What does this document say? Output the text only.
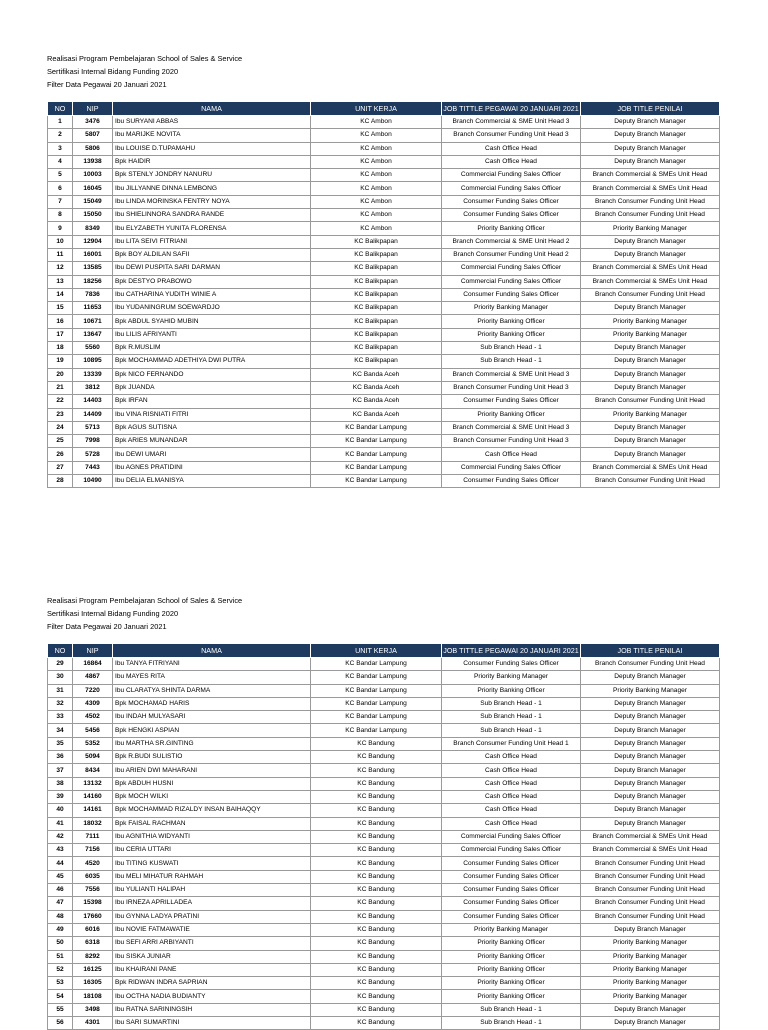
Realisasi Program Pembelajaran School of Sales & Service
Sertifikasi Internal Bidang Funding 2020
Filter Data Pegawai 20 Januari 2021
NO	NIP	NAMA	UNIT KERJA	JOB TITTLE PEGAWAI 20 JANUARI 2021	JOB TITLE PENILAI
1	3476	Ibu SURYANI ABBAS	KC Ambon	Branch Commercial & SME Unit Head 3	Deputy Branch Manager
2	5807	Ibu MARIJKE NOVITA	KC Ambon	Branch Consumer Funding Unit Head 3	Deputy Branch Manager
3	5806	Ibu LOUISE D.TUPAMAHU	KC Ambon	Cash Office Head	Deputy Branch Manager
4	13938	Bpk HAIDIR	KC Ambon	Cash Office Head	Deputy Branch Manager
5	10003	Bpk STENLY JONDRY NANURU	KC Ambon	Commercial Funding Sales Officer	Branch Commercial & SMEs Unit Head
6	16045	Ibu JILLYANNE DINNA LEMBONG	KC Ambon	Commercial Funding Sales Officer	Branch Commercial & SMEs Unit Head
7	15049	Ibu LINDA MORINSKA FENTRY NOYA	KC Ambon	Consumer Funding Sales Officer	Branch Consumer Funding Unit Head
8	15050	Ibu SHIELINNORA SANDRA RANDE	KC Ambon	Consumer Funding Sales Officer	Branch Consumer Funding Unit Head
9	8349	Ibu ELYZABETH YUNITA FLORENSA	KC Ambon	Priority Banking Officer	Priority Banking Manager
10	12904	Ibu LITA SEIVI FITRIANI	KC Balikpapan	Branch Commercial & SME Unit Head 2	Deputy Branch Manager
11	16001	Bpk BOY ALDILAN SAFII	KC Balikpapan	Branch Consumer Funding Unit Head 2	Deputy Branch Manager
12	13585	Ibu DEWI PUSPITA SARI DARMAN	KC Balikpapan	Commercial Funding Sales Officer	Branch Commercial & SMEs Unit Head
13	18256	Bpk DESTYO PRABOWO	KC Balikpapan	Commercial Funding Sales Officer	Branch Commercial & SMEs Unit Head
14	7836	Ibu CATHARINA YUDITH WINIE A	KC Balikpapan	Consumer Funding Sales Officer	Branch Consumer Funding Unit Head
15	11653	Ibu YUDANINGRUM SOEWARDJO	KC Balikpapan	Priority Banking Manager	Deputy Branch Manager
16	10671	Bpk ABDUL SYAHID MUBIN	KC Balikpapan	Priority Banking Officer	Priority Banking Manager
17	13647	Ibu LILIS AFRIYANTI	KC Balikpapan	Priority Banking Officer	Priority Banking Manager
18	5560	Bpk R.MUSLIM	KC Balikpapan	Sub Branch Head - 1	Deputy Branch Manager
19	10895	Bpk MOCHAMMAD ADETHIYA DWI PUTRA	KC Balikpapan	Sub Branch Head - 1	Deputy Branch Manager
20	13339	Bpk NICO FERNANDO	KC Banda Aceh	Branch Commercial & SME Unit Head 3	Deputy Branch Manager
21	3812	Bpk JUANDA	KC Banda Aceh	Branch Consumer Funding Unit Head 3	Deputy Branch Manager
22	14403	Bpk IRFAN	KC Banda Aceh	Consumer Funding Sales Officer	Branch Consumer Funding Unit Head
23	14409	Ibu VINA RISNIATI FITRI	KC Banda Aceh	Priority Banking Officer	Priority Banking Manager
24	5713	Bpk AGUS SUTISNA	KC Bandar Lampung	Branch Commercial & SME Unit Head 3	Deputy Branch Manager
25	7998	Bpk ARIES MUNANDAR	KC Bandar Lampung	Branch Consumer Funding Unit Head 3	Deputy Branch Manager
26	5728	Ibu DEWI UMARI	KC Bandar Lampung	Cash Office Head	Deputy Branch Manager
27	7443	Ibu AGNES PRATIDINI	KC Bandar Lampung	Commercial Funding Sales Officer	Branch Commercial & SMEs Unit Head
28	10490	Ibu DELIA ELMANISYA	KC Bandar Lampung	Consumer Funding Sales Officer	Branch Consumer Funding Unit Head
Realisasi Program Pembelajaran School of Sales & Service
Sertifikasi Internal Bidang Funding 2020
Filter Data Pegawai 20 Januari 2021
NO	NIP	NAMA	UNIT KERJA	JOB TITTLE PEGAWAI 20 JANUARI 2021	JOB TITLE PENILAI
29	16864	Ibu TANYA FITRIYANI	KC Bandar Lampung	Consumer Funding Sales Officer	Branch Consumer Funding Unit Head
30	4867	Ibu MAYES RITA	KC Bandar Lampung	Priority Banking Manager	Deputy Branch Manager
31	7220	Ibu CLARATYA SHINTA DARMA	KC Bandar Lampung	Priority Banking Officer	Priority Banking Manager
32	4309	Bpk MOCHAMAD HARIS	KC Bandar Lampung	Sub Branch Head - 1	Deputy Branch Manager
33	4502	Ibu INDAH MULYASARI	KC Bandar Lampung	Sub Branch Head - 1	Deputy Branch Manager
34	5456	Bpk HENGKI ASPIAN	KC Bandar Lampung	Sub Branch Head - 1	Deputy Branch Manager
35	5352	Ibu MARTHA SR.GINTING	KC Bandung	Branch Consumer Funding Unit Head 1	Deputy Branch Manager
36	5094	Bpk R.BUDI SULISTIO	KC Bandung	Cash Office Head	Deputy Branch Manager
37	8434	Ibu ARIEN DWI MAHARANI	KC Bandung	Cash Office Head	Deputy Branch Manager
38	13132	Bpk ABDUH HUSNI	KC Bandung	Cash Office Head	Deputy Branch Manager
39	14160	Bpk MOCH WILKI	KC Bandung	Cash Office Head	Deputy Branch Manager
40	14161	Bpk MOCHAMMAD RIZALDY INSAN BAIHAQQY	KC Bandung	Cash Office Head	Deputy Branch Manager
41	18032	Bpk FAISAL RACHMAN	KC Bandung	Cash Office Head	Deputy Branch Manager
42	7111	Ibu AGNITHIA WIDYANTI	KC Bandung	Commercial Funding Sales Officer	Branch Commercial & SMEs Unit Head
43	7156	Ibu CERIA UTTARI	KC Bandung	Commercial Funding Sales Officer	Branch Commercial & SMEs Unit Head
44	4520	Ibu TITING KUSWATI	KC Bandung	Consumer Funding Sales Officer	Branch Consumer Funding Unit Head
45	6035	Ibu MELI MIHATUR RAHMAH	KC Bandung	Consumer Funding Sales Officer	Branch Consumer Funding Unit Head
46	7556	Ibu YULIANTI HALIPAH	KC Bandung	Consumer Funding Sales Officer	Branch Consumer Funding Unit Head
47	15398	Ibu IRNEZA APRILLADEA	KC Bandung	Consumer Funding Sales Officer	Branch Consumer Funding Unit Head
48	17660	Ibu GYNNA LADYA PRATINI	KC Bandung	Consumer Funding Sales Officer	Branch Consumer Funding Unit Head
49	6016	Ibu NOVIE FATMAWATIE	KC Bandung	Priority Banking Manager	Deputy Branch Manager
50	6318	Ibu SEFI ARRI ARBIYANTI	KC Bandung	Priority Banking Officer	Priority Banking Manager
51	8292	Ibu SISKA JUNIAR	KC Bandung	Priority Banking Officer	Priority Banking Manager
52	16125	Ibu KHAIRANI PANE	KC Bandung	Priority Banking Officer	Priority Banking Manager
53	16305	Bpk RIDWAN INDRA SAPRIAN	KC Bandung	Priority Banking Officer	Priority Banking Manager
54	18108	Ibu OCTHA NADIA BUDIANTY	KC Bandung	Priority Banking Officer	Priority Banking Manager
55	3498	Ibu RATNA SARININGSIH	KC Bandung	Sub Branch Head - 1	Deputy Branch Manager
56	4301	Ibu SARI SUMARTINI	KC Bandung	Sub Branch Head - 1	Deputy Branch Manager
